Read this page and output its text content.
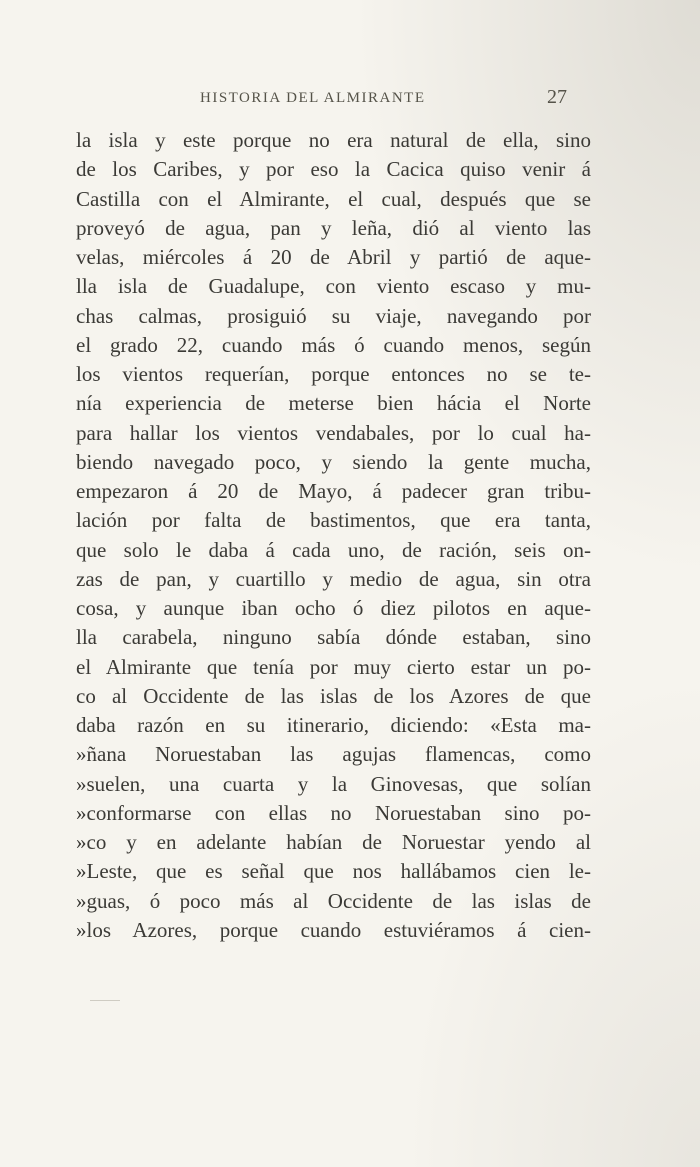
HISTORIA DEL ALMIRANTE	27
la isla y este porque no era natural de ella, sino
de los Caribes, y por eso la Cacica quiso venir á
Castilla con el Almirante, el cual, después que se
proveyó de agua, pan y leña, dió al viento las
velas, miércoles á 20 de Abril y partió de aque-
lla isla de Guadalupe, con viento escaso y mu-
chas calmas, prosiguió su viaje, navegando por
el grado 22, cuando más ó cuando menos, según
los vientos requerían, porque entonces no se te-
nía experiencia de meterse bien hácia el Norte
para hallar los vientos vendabales, por lo cual ha-
biendo navegado poco, y siendo la gente mucha,
empezaron á 20 de Mayo, á padecer gran tribu-
lación por falta de bastimentos, que era tanta,
que solo le daba á cada uno, de ración, seis on-
zas de pan, y cuartillo y medio de agua, sin otra
cosa, y aunque iban ocho ó diez pilotos en aque-
lla carabela, ninguno sabía dónde estaban, sino
el Almirante que tenía por muy cierto estar un po-
co al Occidente de las islas de los Azores de que
daba razón en su itinerario, diciendo: «Esta ma-
»ñana Noruestaban las agujas flamencas, como
»suelen, una cuarta y la Ginovesas, que solían
»conformarse con ellas no Noruestaban sino po-
»co y en adelante habían de Noruestar yendo al
»Leste, que es señal que nos hallábamos cien le-
»guas, ó poco más al Occidente de las islas de
»los Azores, porque cuando estuviéramos á cien-
